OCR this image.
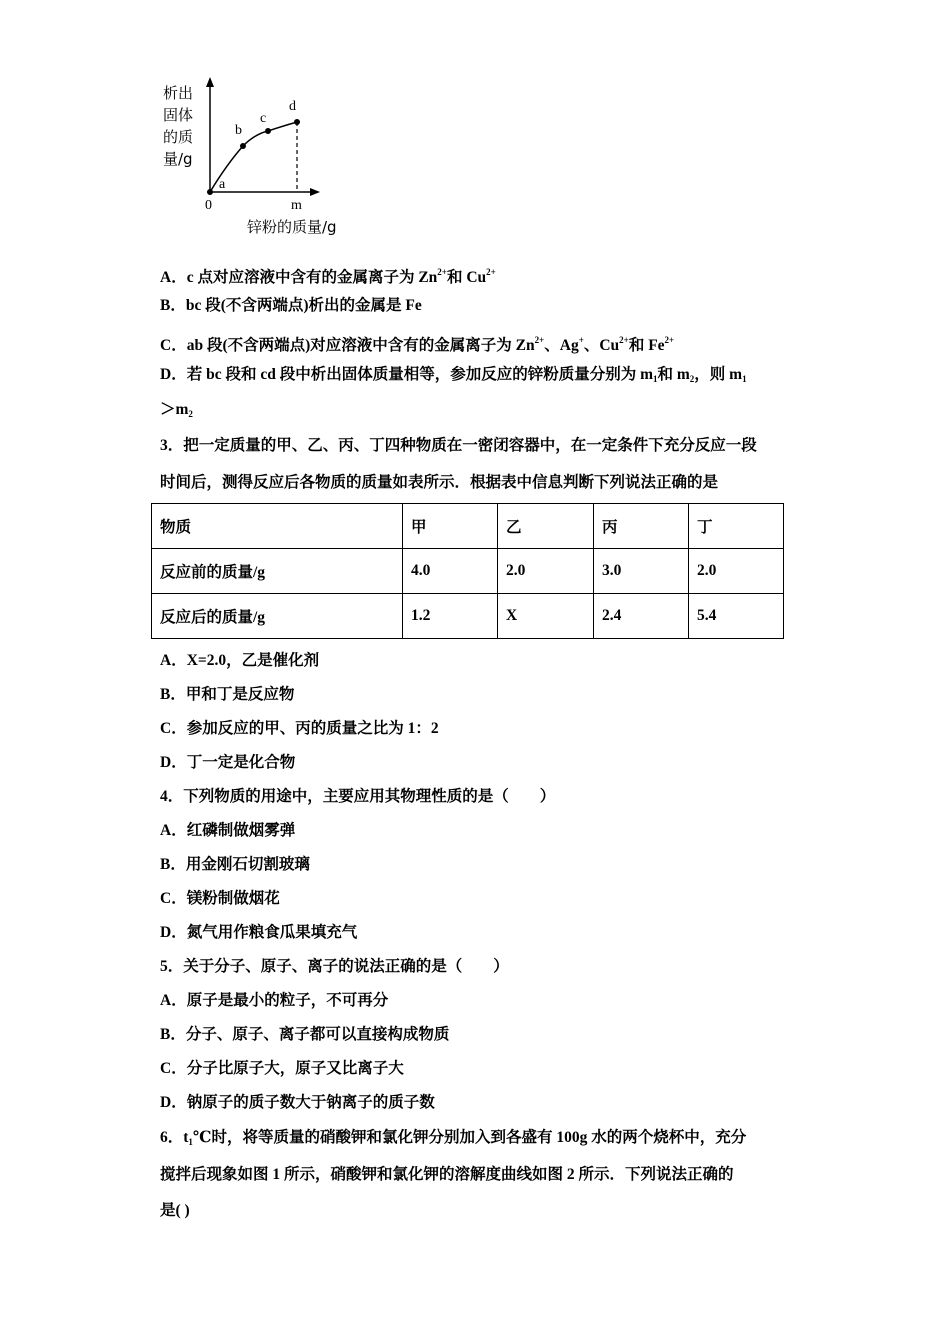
析出
固体
的质
量/g
a
b
c
d
0	m
锌粉的质量/g
A．c 点对应溶液中含有的金属离子为 $Zn^{2+}$和 $Cu^{2+}$
B．bc 段(不含两端点)析出的金属是 Fe
C．ab 段(不含两端点)对应溶液中含有的金属离子为 $Zn^{2+}$、Ag+、$Cu^{2+}$和 $Fe^{2+}$
D．若 bc 段和 cd 段中析出固体质量相等，参加反应的锌粉质量分别为 $m_1$和 $m_2$，则 $m_1$
$>m_2$
3．把一定质量的甲、乙、丙、丁四种物质在一密闭容器中，在一定条件下充分反应一段
时间后，测得反应后各物质的质量如表所示．根据表中信息判断下列说法正确的是
物质	甲	乙	丙	丁
反应前的质量/g	4.0	2.0	3.0	2.0
反应后的质量/g	1.2	X	2.4	5.4
A．X=2.0，乙是催化剂
B．甲和丁是反应物
C．参加反应的甲、丙的质量之比为 1：2
D．丁一定是化合物
4．下列物质的用途中，主要应用其物理性质的是（　　）
A．红磷制做烟雾弹
B．用金刚石切割玻璃
C．镁粉制做烟花
D．氮气用作粮食瓜果填充气
5．关于分子、原子、离子的说法正确的是（　　）
A．原子是最小的粒子，不可再分
B．分子、原子、离子都可以直接构成物质
C．分子比原子大，原子又比离子大
D．钠原子的质子数大于钠离子的质子数
6．$t_1℃$时，将等质量的硝酸钾和氯化钾分别加入到各盛有 100g 水的两个烧杯中，充分
搅拌后现象如图 1 所示，硝酸钾和氯化钾的溶解度曲线如图 2 所示．下列说法正确的
是( )
